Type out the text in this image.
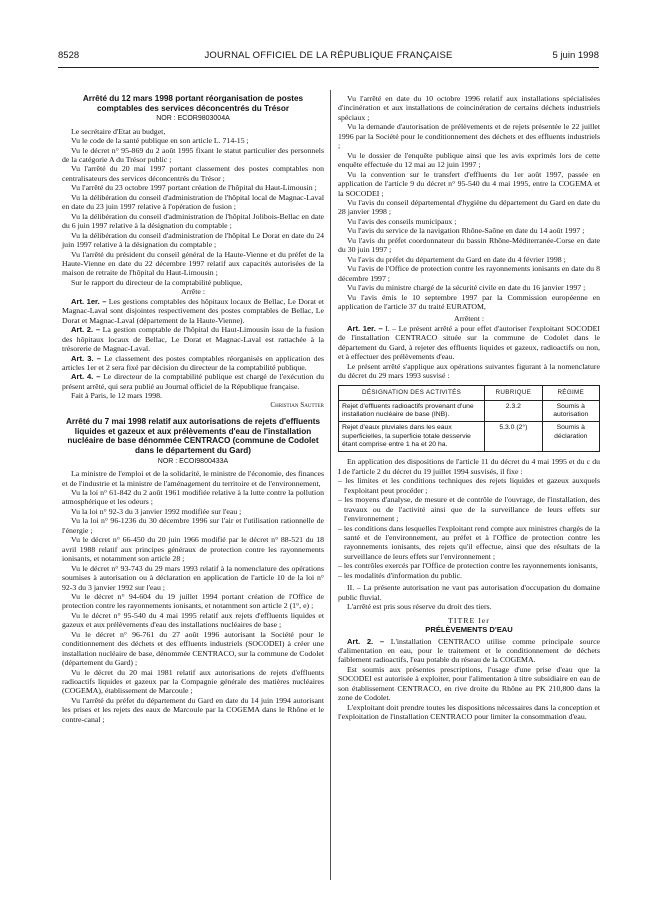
8528	JOURNAL OFFICIEL DE LA RÉPUBLIQUE FRANÇAISE	5 juin 1998
Arrêté du 12 mars 1998 portant réorganisation de postes comptables des services déconcentrés du Trésor

NOR : ECOR9803004A

Le secrétaire d'Etat au budget,

Vu le code de la santé publique en son article L. 714-15 ;

Vu le décret n° 95-869 du 2 août 1995 fixant le statut particulier des personnels de la catégorie A du Trésor public ;

Vu l'arrêté du 20 mai 1997 portant classement des postes comptables non centralisateurs des services déconcentrés du Trésor ;

Vu l'arrêté du 23 octobre 1997 portant création de l'hôpital du Haut-Limousin ;

Vu la délibération du conseil d'administration de l'hôpital local de Magnac-Laval en date du 23 juin 1997 relative à l'opération de fusion ;

Vu la délibération du conseil d'administration de l'hôpital Jolibois-Bellac en date du 6 juin 1997 relative à la désignation du comptable ;

Vu la délibération du conseil d'administration de l'hôpital Le Dorat en date du 24 juin 1997 relative à la désignation du comptable ;

Vu l'arrêté du président du conseil général de la Haute-Vienne et du préfet de la Haute-Vienne en date du 22 décembre 1997 relatif aux capacités autorisées de la maison de retraite de l'hôpital du Haut-Limousin ;

Sur le rapport du directeur de la comptabilité publique,

Arrête :

Art. 1er. – Les gestions comptables des hôpitaux locaux de Bellac, Le Dorat et Magnac-Laval sont disjointes respectivement des postes comptables de Bellac, Le Dorat et Magnac-Laval (département de la Haute-Vienne).

Art. 2. – La gestion comptable de l'hôpital du Haut-Limousin issu de la fusion des hôpitaux locaux de Bellac, Le Dorat et Magnac-Laval est rattachée à la trésorerie de Magnac-Laval.

Art. 3. – Le classement des postes comptables réorganisés en application des articles 1er et 2 sera fixé par décision du directeur de la comptabilité publique.

Art. 4. – Le directeur de la comptabilité publique est chargé de l'exécution du présent arrêté, qui sera publié au Journal officiel de la République française.

Fait à Paris, le 12 mars 1998.

Christian Sautter

Arrêté du 7 mai 1998 relatif aux autorisations de rejets d'effluents liquides et gazeux et aux prélèvements d'eau de l'installation nucléaire de base dénommée CENTRACO (commune de Codolet dans le département du Gard)

NOR : ECOI9800433A

La ministre de l'emploi et de la solidarité, le ministre de l'économie, des finances et de l'industrie et la ministre de l'aménagement du territoire et de l'environnement,

Vu la loi n° 61-842 du 2 août 1961 modifiée relative à la lutte contre la pollution atmosphérique et les odeurs ;

Vu la loi n° 92-3 du 3 janvier 1992 modifiée sur l'eau ;

Vu la loi n° 96-1236 du 30 décembre 1996 sur l'air et l'utilisation rationnelle de l'énergie ;

Vu le décret n° 66-450 du 20 juin 1966 modifié par le décret n° 88-521 du 18 avril 1988 relatif aux principes généraux de protection contre les rayonnements ionisants, et notamment son article 28 ;

Vu le décret n° 93-743 du 29 mars 1993 relatif à la nomenclature des opérations soumises à autorisation ou à déclaration en application de l'article 10 de la loi n° 92-3 du 3 janvier 1992 sur l'eau ;

Vu le décret n° 94-604 du 19 juillet 1994 portant création de l'Office de protection contre les rayonnements ionisants, et notamment son article 2 (1°, e) ;

Vu le décret n° 95-540 du 4 mai 1995 relatif aux rejets d'effluents liquides et gazeux et aux prélèvements d'eau des installations nucléaires de base ;

Vu le décret n° 96-761 du 27 août 1996 autorisant la Société pour le conditionnement des déchets et des effluents industriels (SOCODEI) à créer une installation nucléaire de base, dénommée CENTRACO, sur la commune de Codolet (département du Gard) ;

Vu le décret du 20 mai 1981 relatif aux autorisations de rejets d'effluents radioactifs liquides et gazeux par la Compagnie générale des matières nucléaires (COGEMA), établissement de Marcoule ;

Vu l'arrêté du préfet du département du Gard en date du 14 juin 1994 autorisant les prises et les rejets des eaux de Marcoule par la COGEMA dans le Rhône et le contre-canal ;

Vu l'arrêté en date du 10 octobre 1996 relatif aux installations spécialisées d'incinération et aux installations de coincinération de certains déchets industriels spéciaux ;

Vu la demande d'autorisation de prélèvements et de rejets présentée le 22 juillet 1996 par la Société pour le conditionnement des déchets et des effluents industriels ;

Vu le dossier de l'enquête publique ainsi que les avis exprimés lors de cette enquête effectuée du 12 mai au 12 juin 1997 ;

Vu la convention sur le transfert d'effluents du 1er août 1997, passée en application de l'article 9 du décret n° 95-540 du 4 mai 1995, entre la COGEMA et la SOCODEI ;

Vu l'avis du conseil départemental d'hygiène du département du Gard en date du 28 janvier 1998 ;

Vu l'avis des conseils municipaux ;

Vu l'avis du service de la navigation Rhône-Saône en date du 14 août 1997 ;

Vu l'avis du préfet coordonnateur du bassin Rhône-Méditerranée-Corse en date du 30 juin 1997 ;

Vu l'avis du préfet du département du Gard en date du 4 février 1998 ;

Vu l'avis de l'Office de protection contre les rayonnements ionisants en date du 8 décembre 1997 ;

Vu l'avis du ministre chargé de la sécurité civile en date du 16 janvier 1997 ;

Vu l'avis émis le 10 septembre 1997 par la Commission européenne en application de l'article 37 du traité EURATOM,

Arrêtent :

Art. 1er. – I. – Le présent arrêté a pour effet d'autoriser l'exploitant SOCODEI de l'installation CENTRACO située sur la commune de Codolet dans le département du Gard, à rejeter des effluents liquides et gazeux, radioactifs ou non, et à effectuer des prélèvements d'eau.

Le présent arrêté s'applique aux opérations suivantes figurant à la nomenclature du décret du 29 mars 1993 susvisé :

DÉSIGNATION DES ACTIVITÉS	RUBRIQUE	RÉGIME
Rejet d'effluents radioactifs provenant d'une installation nucléaire de base (INB).	2.3.2	Soumis à autorisation
Rejet d'eaux pluviales dans les eaux superficielles, la superficie totale desservie étant comprise entre 1 ha et 20 ha.	5.3.0 (2°)	Soumis à déclaration

En application des dispositions de l'article 11 du décret du 4 mai 1995 et du c du I de l'article 2 du décret du 19 juillet 1994 susvisés, il fixe :

– les limites et les conditions techniques des rejets liquides et gazeux auxquels l'exploitant peut procéder ;

– les moyens d'analyse, de mesure et de contrôle de l'ouvrage, de l'installation, des travaux ou de l'activité ainsi que de la surveillance de leurs effets sur l'environnement ;

– les conditions dans lesquelles l'exploitant rend compte aux ministres chargés de la santé et de l'environnement, au préfet et à l'Office de protection contre les rayonnements ionisants, des rejets qu'il effectue, ainsi que des résultats de la surveillance de leurs effets sur l'environnement ;

– les contrôles exercés par l'Office de protection contre les rayonnements ionisants,

– les modalités d'information du public.

II. – La présente autorisation ne vaut pas autorisation d'occupation du domaine public fluvial.

L'arrêté est pris sous réserve du droit des tiers.

TITRE Ier

PRÉLÈVEMENTS D'EAU

Art. 2. – L'installation CENTRACO utilise comme principale source d'alimentation en eau, pour le traitement et le conditionnement de déchets faiblement radioactifs, l'eau potable du réseau de la COGEMA.

Est soumis aux présentes prescriptions, l'usage d'une prise d'eau que la SOCODEI est autorisée à exploiter, pour l'alimentation à titre subsidiaire en eau de son établissement CENTRACO, en rive droite du Rhône au PK 210,800 dans la zone de Codolet.

L'exploitant doit prendre toutes les dispositions nécessaires dans la conception et l'exploitation de l'installation CENTRACO pour limiter la consommation d'eau.
